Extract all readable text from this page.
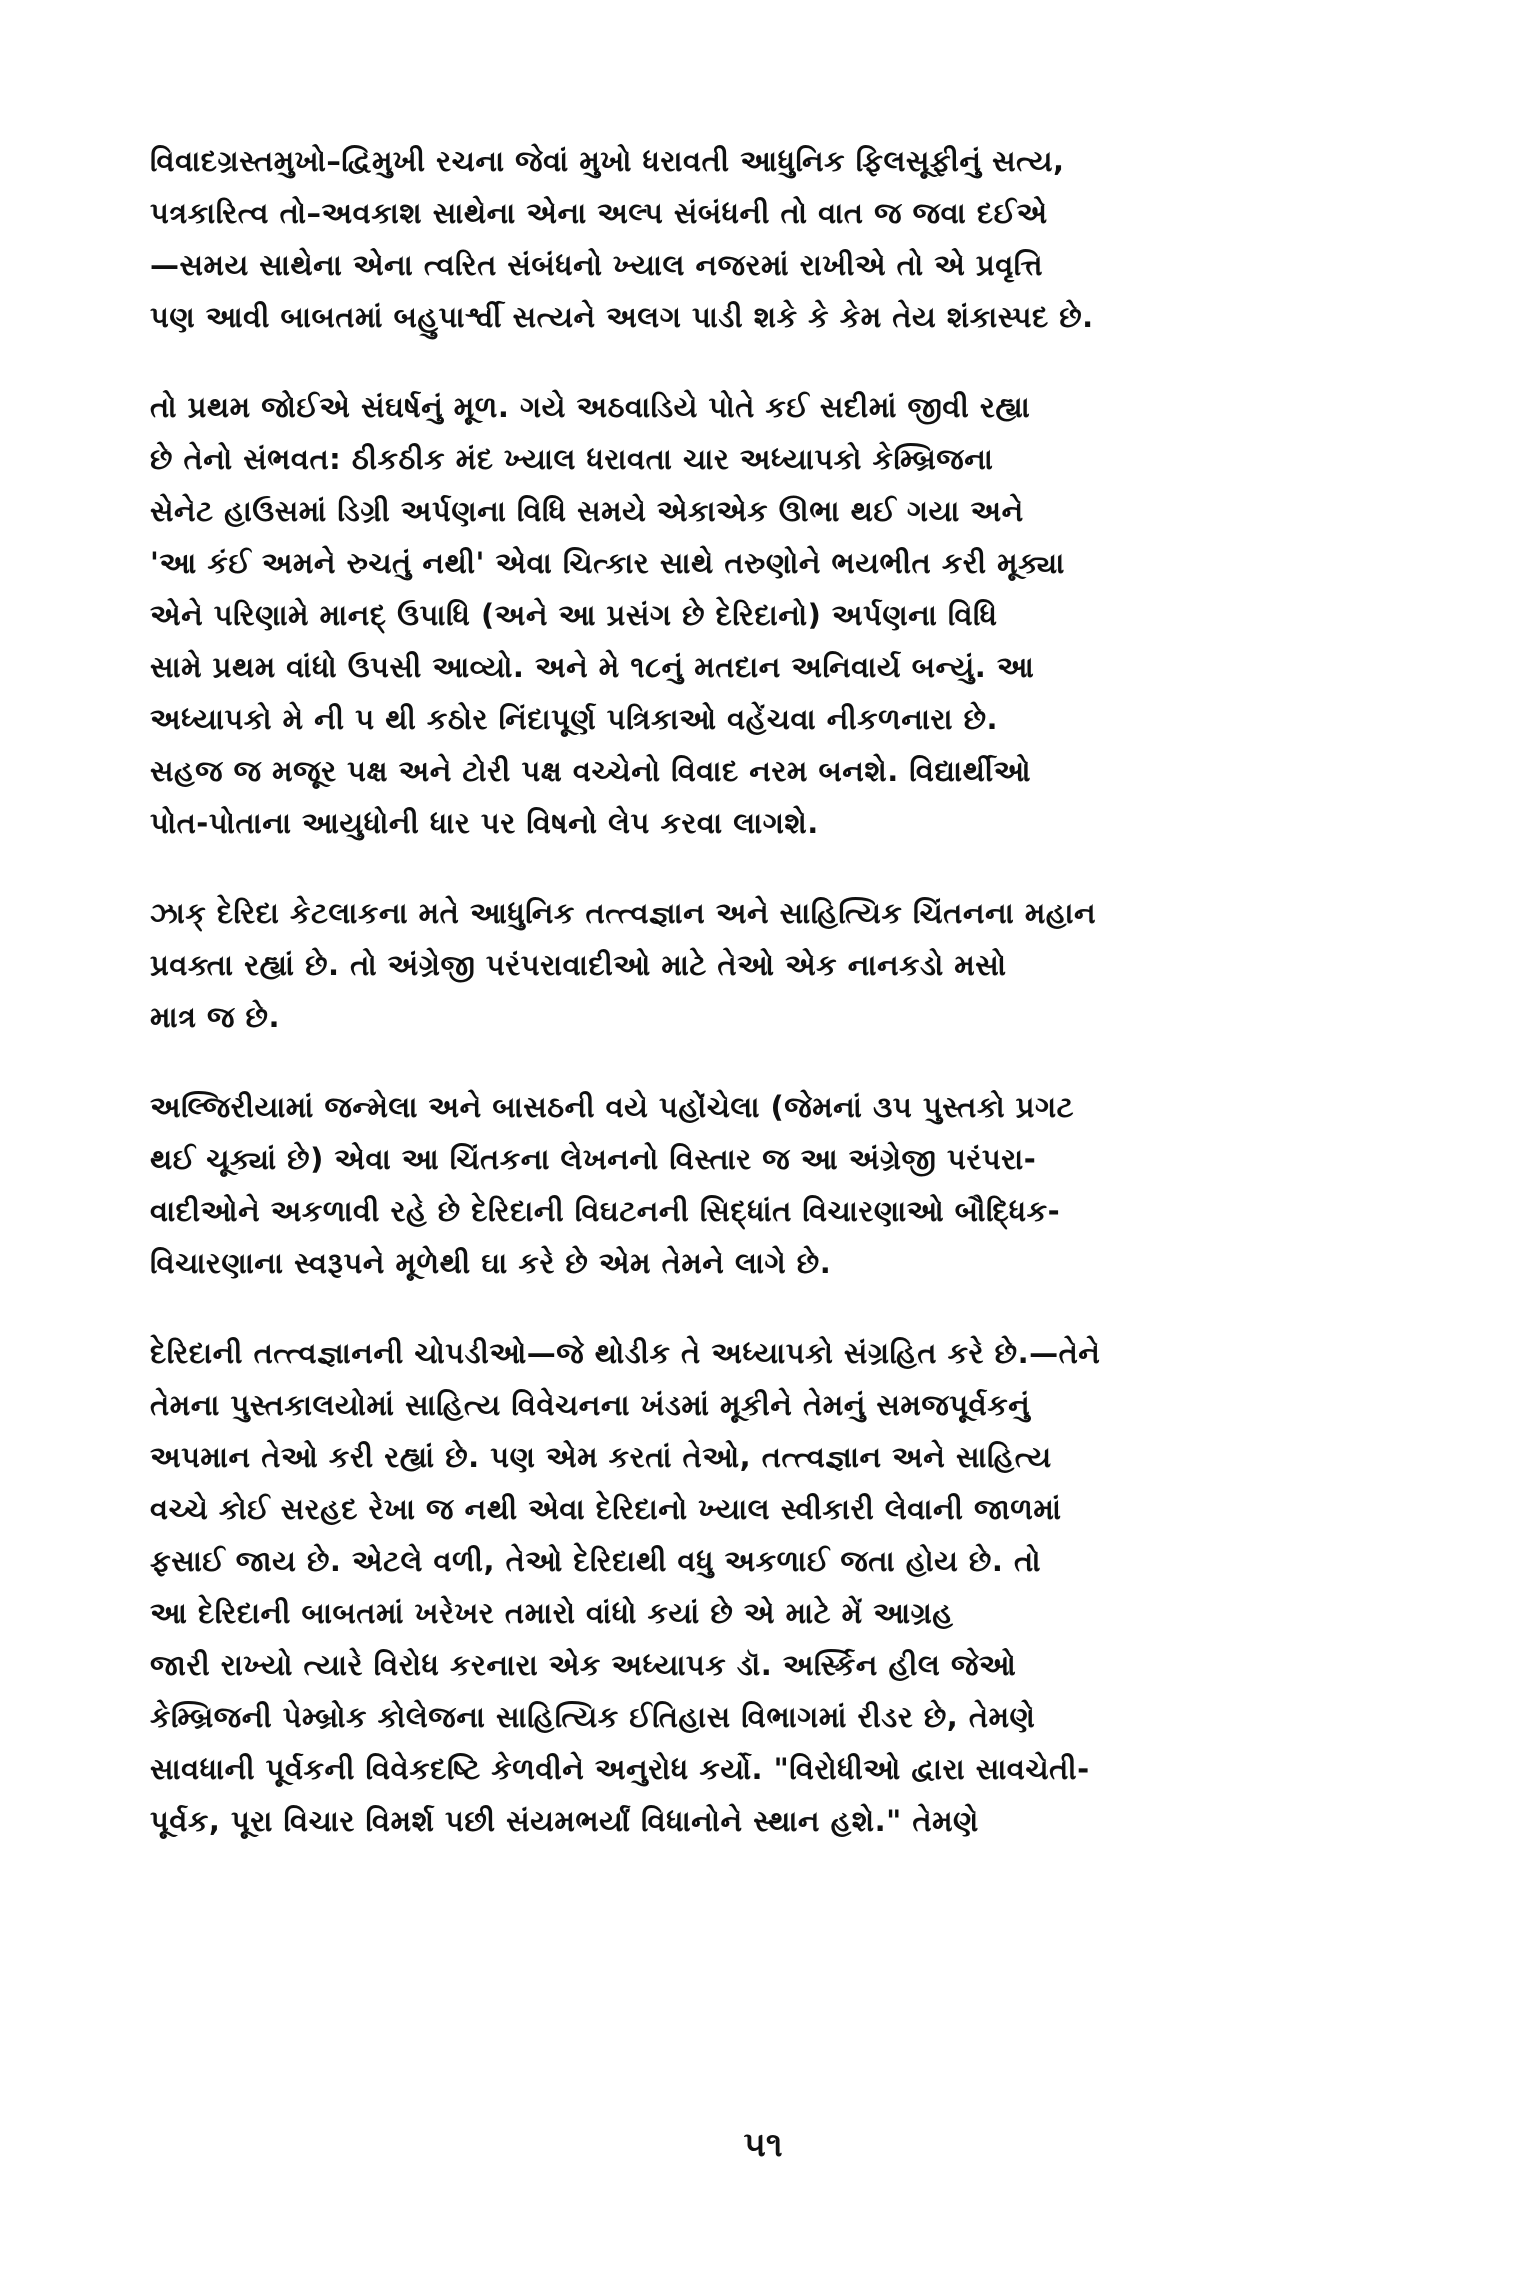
વિવાદગ્રસ્તમુખો–દ્વિમુખી રચના જેવાં મુખો ધરાવતી આધુનિક ફિલસૂફીનું સત્ય,
પત્રકારિત્વ તો–અવકાશ સાથેના એના અલ્પ સંબંધની તો વાત જ જવા દઈએ
—સમય સાથેના એના ત્વરિત સંબંધનો ખ્યાલ નજરમાં રાખીએ તો એ પ્રવૃત્તિ
પણ આવી બાબતમાં બહુપાર્શ્વી સત્યને અલગ પાડી શકે કે કેમ તેય શંકાસ્પદ છે.

તો પ્રથમ જોઈએ સંઘર્ષનું મૂળ. ગયે અઠવાડિયે પોતે કઈ સદીમાં જીવી રહ્યા
છે તેનો સંભવત: ઠીકઠીક મંદ ખ્યાલ ધરાવતા ચાર અધ્યાપકો કેમ્બ્રિજના
સેનેટ હાઉસમાં ડિગ્રી અર્પણના વિધિ સમયે એકાએક ઊભા થઈ ગયા અને
'આ કંઈ અમને રુચતું નથી' એવા ચિત્કાર સાથે તરુણોને ભયભીત કરી મૂક્યા
એને પરિણામે માનદ્ ઉપાધિ (અને આ પ્રસંગ છે દેરિદાનો) અર્પણના વિધિ
સામે પ્રથમ વાંધો ઉપસી આવ્યો. અને મે ૧૮નું મતદાન અનિવાર્ય બન્યું. આ
અધ્યાપકો મે ની ૫ થી કઠોર નિંદાપૂર્ણ પત્રિકાઓ વહેંચવા નીકળનારા છે.
સહજ જ મજૂર પક્ષ અને ટોરી પક્ષ વચ્ચેનો વિવાદ નરમ બનશે. વિદ્યાર્થીઓ
પોત-પોતાના આયુધોની ધાર પર વિષનો લેપ કરવા લાગશે.

ઝાક્ દેરિદા કેટલાકના મતે આધુનિક તત્ત્વજ્ઞાન અને સાહિત્યિક ચિંતનના મહાન
પ્રવક્તા રહ્યાં છે. તો અંગ્રેજી પરંપરાવાદીઓ માટે તેઓ એક નાનકડો મસો
માત્ર જ છે.

અલ્જિરીયામાં જન્મેલા અને બાસઠની વયે પહોંચેલા (જેમનાં ૩૫ પુસ્તકો પ્રગટ
થઈ ચૂક્યાં છે) એવા આ ચિંતકના લેખનનો વિસ્તાર જ આ અંગ્રેજી પરંપરા-
વાદીઓને અકળાવી રહે છે દેરિદાની વિઘટનની સિદ્ધાંત વિચારણાઓ બૌદ્ધિક-
વિચારણાના સ્વરૂપને મૂળેથી ઘા કરે છે એમ તેમને લાગે છે.

દેરિદાની તત્ત્વજ્ઞાનની ચોપડીઓ—જે થોડીક તે અધ્યાપકો સંગ્રહિત કરે છે.—તેને
તેમના પુસ્તકાલયોમાં સાહિત્ય વિવેચનના ખંડમાં મૂકીને તેમનું સમજપૂર્વકનું
અપમાન તેઓ કરી રહ્યાં છે. પણ એમ કરતાં તેઓ, તત્ત્વજ્ઞાન અને સાહિત્ય
વચ્ચે કોઈ સરહદ રેખા જ નથી એવા દેરિદાનો ખ્યાલ સ્વીકારી લેવાની જાળમાં
ફસાઈ જાય છે. એટલે વળી, તેઓ દેરિદાથી વધુ અકળાઈ જતા હોય છે. તો
આ દેરિદાની બાબતમાં ખરેખર તમારો વાંધો કયાં છે એ માટે મેં આગ્રહ
જારી રાખ્યો ત્યારે વિરોધ કરનારા એક અધ્યાપક ડૉ. અર્સ્કિન હીલ જેઓ
કેમ્બ્રિજની પેમ્બ્રોક કોલેજના સાહિત્યિક ઈતિહાસ વિભાગમાં રીડર છે, તેમણે
સાવધાની પૂર્વકની વિવેકદષ્ટિ કેળવીને અનુરોધ કર્યો. "વિરોધીઓ દ્વારા સાવચેતી-
પૂર્વક, પૂરા વિચાર વિમર્શ પછી સંયમભર્યાં વિધાનોને સ્થાન હશે." તેમણે

૫૧
